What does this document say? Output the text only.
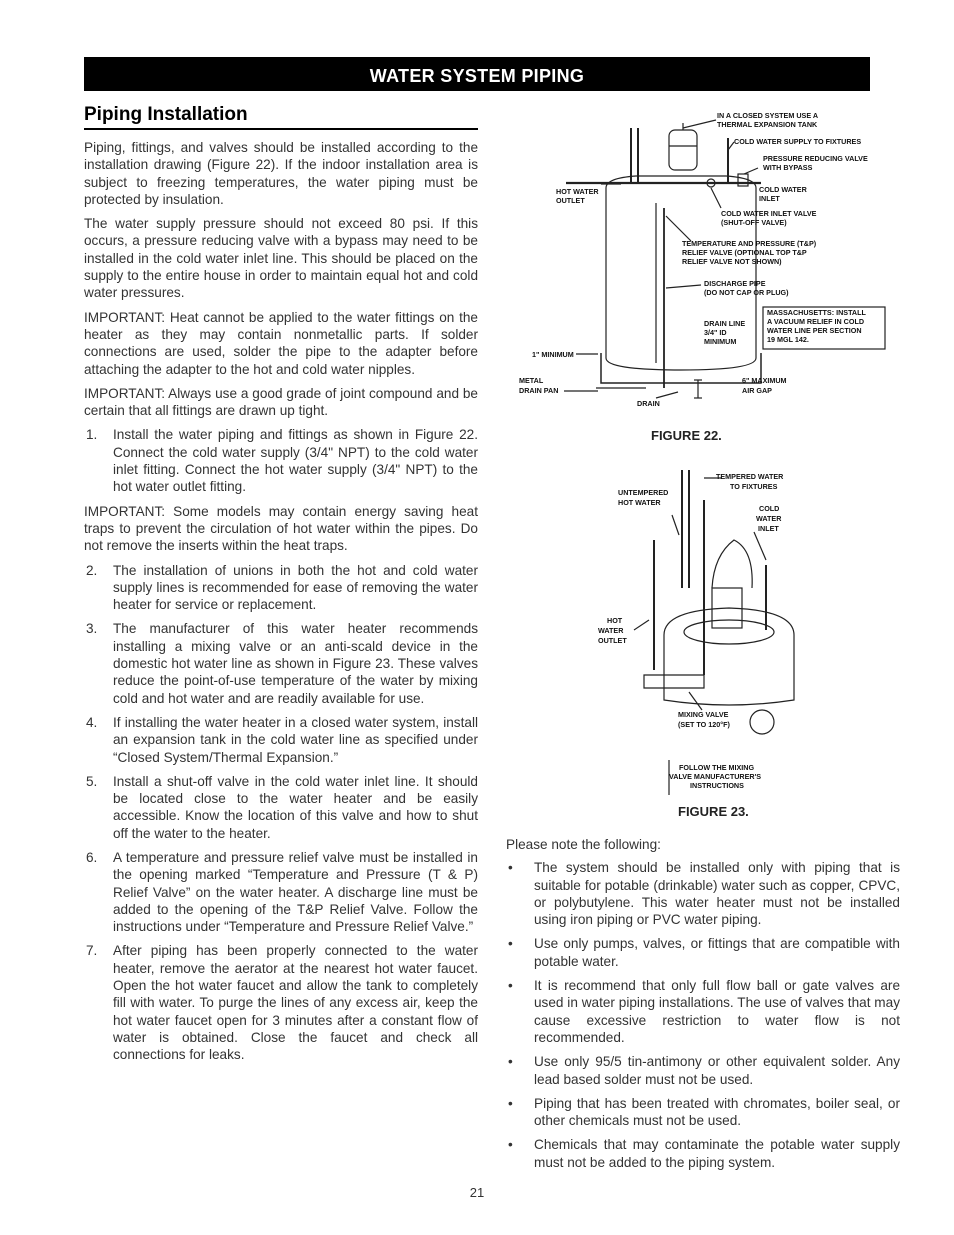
WATER SYSTEM PIPING
Piping Installation

Piping, fittings, and valves should be installed according to the installation drawing (Figure 22). If the indoor installation area is subject to freezing temperatures, the water piping must be protected by insulation.

The water supply pressure should not exceed 80 psi. If this occurs, a pressure reducing valve with a bypass may need to be installed in the cold water inlet line. This should be placed on the supply to the entire house in order to maintain equal hot and cold water pressures.

IMPORTANT: Heat cannot be applied to the water fittings on the heater as they may contain nonmetallic parts. If solder connections are used, solder the pipe to the adapter before attaching the adapter to the hot and cold water nipples.

IMPORTANT: Always use a good grade of joint compound and be certain that all fittings are drawn up tight.

1. Install the water piping and fittings as shown in Figure 22. Connect the cold water supply (3/4" NPT) to the cold water inlet fitting. Connect the hot water supply (3/4" NPT) to the hot water outlet fitting.

IMPORTANT: Some models may contain energy saving heat traps to prevent the circulation of hot water within the pipes. Do not remove the inserts within the heat traps.

2. The installation of unions in both the hot and cold water supply lines is recommended for ease of removing the water heater for service or replacement.
3. The manufacturer of this water heater recommends installing a mixing valve or an anti-scald device in the domestic hot water line as shown in Figure 23. These valves reduce the point-of-use temperature of the water by mixing cold and hot water and are readily available for use.
4. If installing the water heater in a closed water system, install an expansion tank in the cold water line as specified under “Closed System/Thermal Expansion.”
5. Install a shut-off valve in the cold water inlet line. It should be located close to the water heater and be easily accessible. Know the location of this valve and how to shut off the water to the heater.
6. A temperature and pressure relief valve must be installed in the opening marked “Temperature and Pressure (T & P) Relief Valve” on the water heater. A discharge line must be added to the opening of the T&P Relief Valve. Follow the instructions under “Temperature and Pressure Relief Valve.”
7. After piping has been properly connected to the water heater, remove the aerator at the nearest hot water faucet. Open the hot water faucet and allow the tank to completely fill with water. To purge the lines of any excess air, keep the hot water faucet open for 3 minutes after a constant flow of water is obtained. Close the faucet and check all connections for leaks.
IN A CLOSED SYSTEM USE A
THERMAL EXPANSION TANK
COLD WATER SUPPLY TO FIXTURES
PRESSURE REDUCING VALVE
WITH BYPASS
HOT WATER
OUTLET
COLD WATER
INLET
COLD WATER INLET VALVE
(SHUT-OFF VALVE)
TEMPERATURE AND PRESSURE (T&P)
RELIEF VALVE (OPTIONAL TOP T&P
RELIEF VALVE NOT SHOWN)
DISCHARGE PIPE
(DO NOT CAP OR PLUG)
MASSACHUSETTS: INSTALL
A VACUUM RELIEF IN COLD
WATER LINE PER SECTION
19 MGL 142.
DRAIN LINE
3/4" ID
MINIMUM
1" MINIMUM
METAL
DRAIN PAN
6" MAXIMUM
AIR GAP
DRAIN
FIGURE 22.
TEMPERED WATER
TO FIXTURES
UNTEMPERED
HOT WATER
COLD
WATER
INLET
HOT
WATER
OUTLET
MIXING VALVE
(SET TO 120°F)
FOLLOW THE MIXING
VALVE MANUFACTURER'S
INSTRUCTIONS
FIGURE 23.

Please note the following:

• The system should be installed only with piping that is suitable for potable (drinkable) water such as copper, CPVC, or polybutylene. This water heater must not be installed using iron piping or PVC water piping.
• Use only pumps, valves, or fittings that are compatible with potable water.
• It is recommend that only full flow ball or gate valves are used in water piping installations. The use of valves that may cause excessive restriction to water flow is not recommended.
• Use only 95/5 tin-antimony or other equivalent solder. Any lead based solder must not be used.
• Piping that has been treated with chromates, boiler seal, or other chemicals must not be used.
• Chemicals that may contaminate the potable water supply must not be added to the piping system.
21
